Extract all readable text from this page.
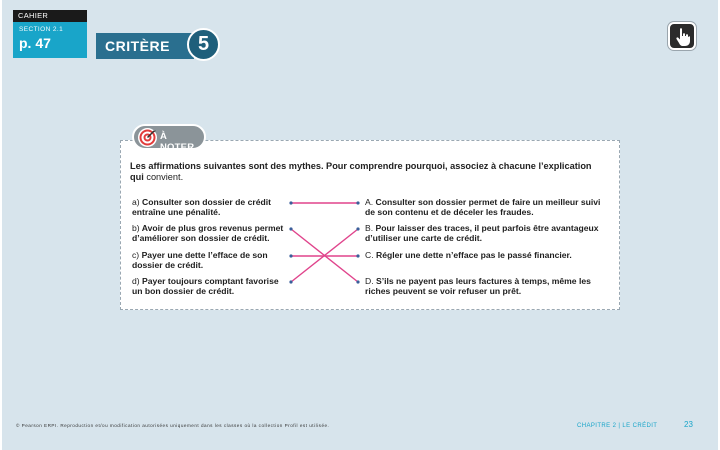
CAHIER
SECTION 2.1
p. 47	CRITÈRE	5
À NOTER
Les affirmations suivantes sont des mythes. Pour comprendre pourquoi, associez à chacune l’explication qui convient.
a) Consulter son dossier de crédit entraîne une pénalité.
b) Avoir de plus gros revenus permet d’améliorer son dossier de crédit.
c) Payer une dette l’efface de son dossier de crédit.
d) Payer toujours comptant favorise un bon dossier de crédit.
A. Consulter son dossier permet de faire un meilleur suivi de son contenu et de déceler les fraudes.
B. Pour laisser des traces, il peut parfois être avantageux d’utiliser une carte de crédit.
C. Régler une dette n’efface pas le passé financier.
D. S’ils ne payent pas leurs factures à temps, même les riches peuvent se voir refuser un prêt.
© Pearson ERPI. Reproduction et/ou modification autorisées uniquement dans les classes où la collection Profil est utilisée.	CHAPITRE 2 | LE CRÉDIT	23
